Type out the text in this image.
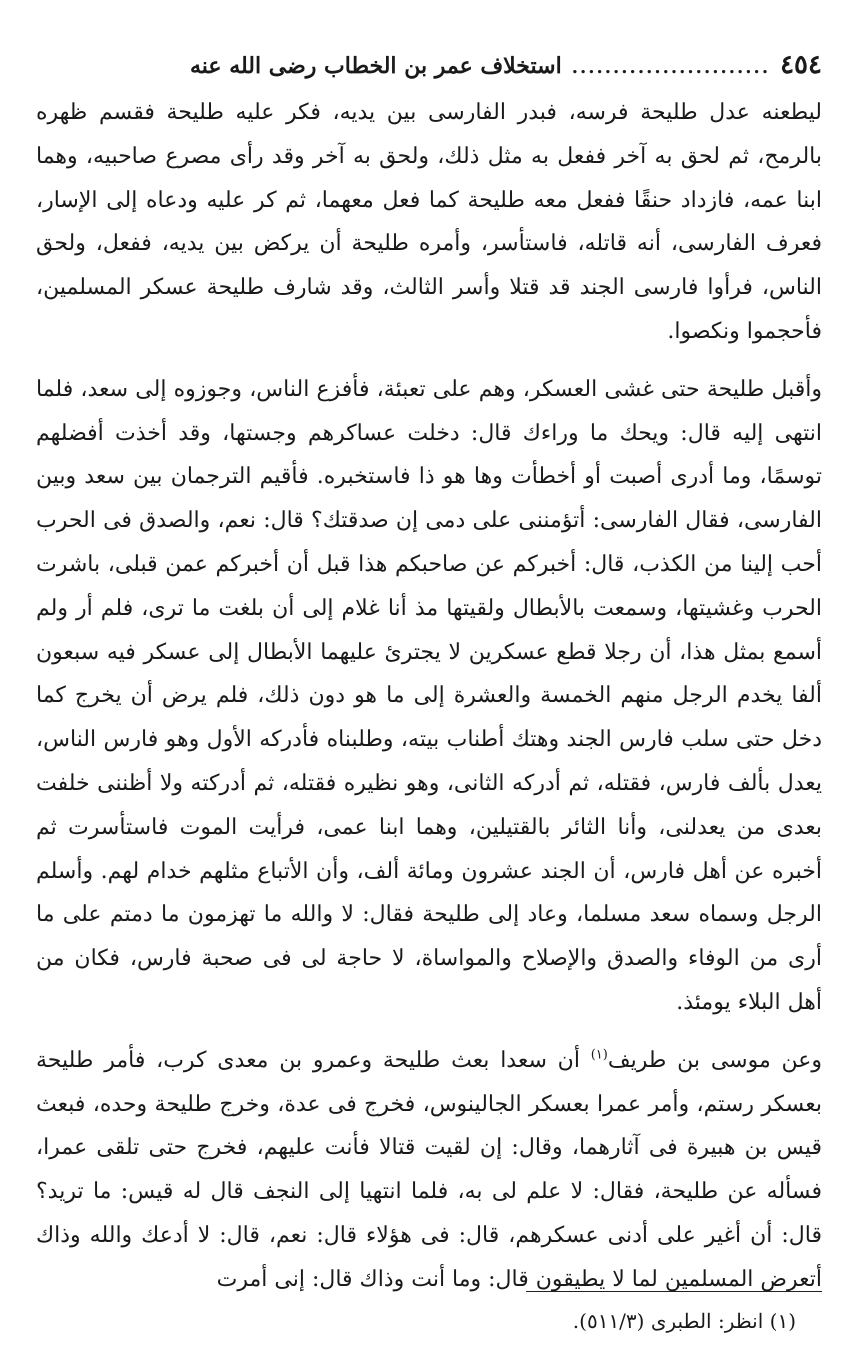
٤٥٤
........................
استخلاف عمر بن الخطاب رضى الله عنه

ليطعنه عدل طليحة فرسه، فبدر الفارسى بين يديه، فكر عليه طليحة فقسم ظهره بالرمح، ثم لحق به آخر ففعل به مثل ذلك، ولحق به آخر وقد رأى مصرع صاحبيه، وهما ابنا عمه، فازداد حنقًا ففعل معه طليحة كما فعل معهما، ثم كر عليه ودعاه إلى الإسار، فعرف الفارسى، أنه قاتله، فاستأسر، وأمره طليحة أن يركض بين يديه، ففعل، ولحق الناس، فرأوا فارسى الجند قد قتلا وأسر الثالث، وقد شارف طليحة عسكر المسلمين، فأحجموا ونكصوا.

وأقبل طليحة حتى غشى العسكر، وهم على تعبئة، فأفزع الناس، وجوزوه إلى سعد، فلما انتهى إليه قال: ويحك ما وراءك قال: دخلت عساكرهم وجستها، وقد أخذت أفضلهم توسمًا، وما أدرى أصبت أو أخطأت وها هو ذا فاستخبره. فأقيم الترجمان بين سعد وبين الفارسى، فقال الفارسى: أتؤمننى على دمى إن صدقتك؟ قال: نعم، والصدق فى الحرب أحب إلينا من الكذب، قال: أخبركم عن صاحبكم هذا قبل أن أخبركم عمن قبلى، باشرت الحرب وغشيتها، وسمعت بالأبطال ولقيتها مذ أنا غلام إلى أن بلغت ما ترى، فلم أر ولم أسمع بمثل هذا، أن رجلا قطع عسكرين لا يجترئ عليهما الأبطال إلى عسكر فيه سبعون ألفا يخدم الرجل منهم الخمسة والعشرة إلى ما هو دون ذلك، فلم يرض أن يخرج كما دخل حتى سلب فارس الجند وهتك أطناب بيته، وطلبناه فأدركه الأول وهو فارس الناس، يعدل بألف فارس، فقتله، ثم أدركه الثانى، وهو نظيره فقتله، ثم أدركته ولا أظننى خلفت بعدى من يعدلنى، وأنا الثائر بالقتيلين، وهما ابنا عمى، فرأيت الموت فاستأسرت ثم أخبره عن أهل فارس، أن الجند عشرون ومائة ألف، وأن الأتباع مثلهم خدام لهم. وأسلم الرجل وسماه سعد مسلما، وعاد إلى طليحة فقال: لا والله ما تهزمون ما دمتم على ما أرى من الوفاء والصدق والإصلاح والمواساة، لا حاجة لى فى صحبة فارس، فكان من أهل البلاء يومئذ.

وعن موسى بن طريف$^{(١)}$ أن سعدا بعث طليحة وعمرو بن معدى كرب، فأمر طليحة بعسكر رستم، وأمر عمرا بعسكر الجالينوس، فخرج فى عدة، وخرج طليحة وحده، فبعث قيس بن هبيرة فى آثارهما، وقال: إن لقيت قتالا فأنت عليهم، فخرج حتى تلقى عمرا، فسأله عن طليحة، فقال: لا علم لى به، فلما انتهيا إلى النجف قال له قيس: ما تريد؟ قال: أن أغير على أدنى عسكرهم، قال: فى هؤلاء قال: نعم، قال: لا أدعك والله وذاك أتعرض المسلمين لما لا يطيقون قال: وما أنت وذاك قال: إنى أمرت

(١) انظر: الطبرى (٥١١/٣).
